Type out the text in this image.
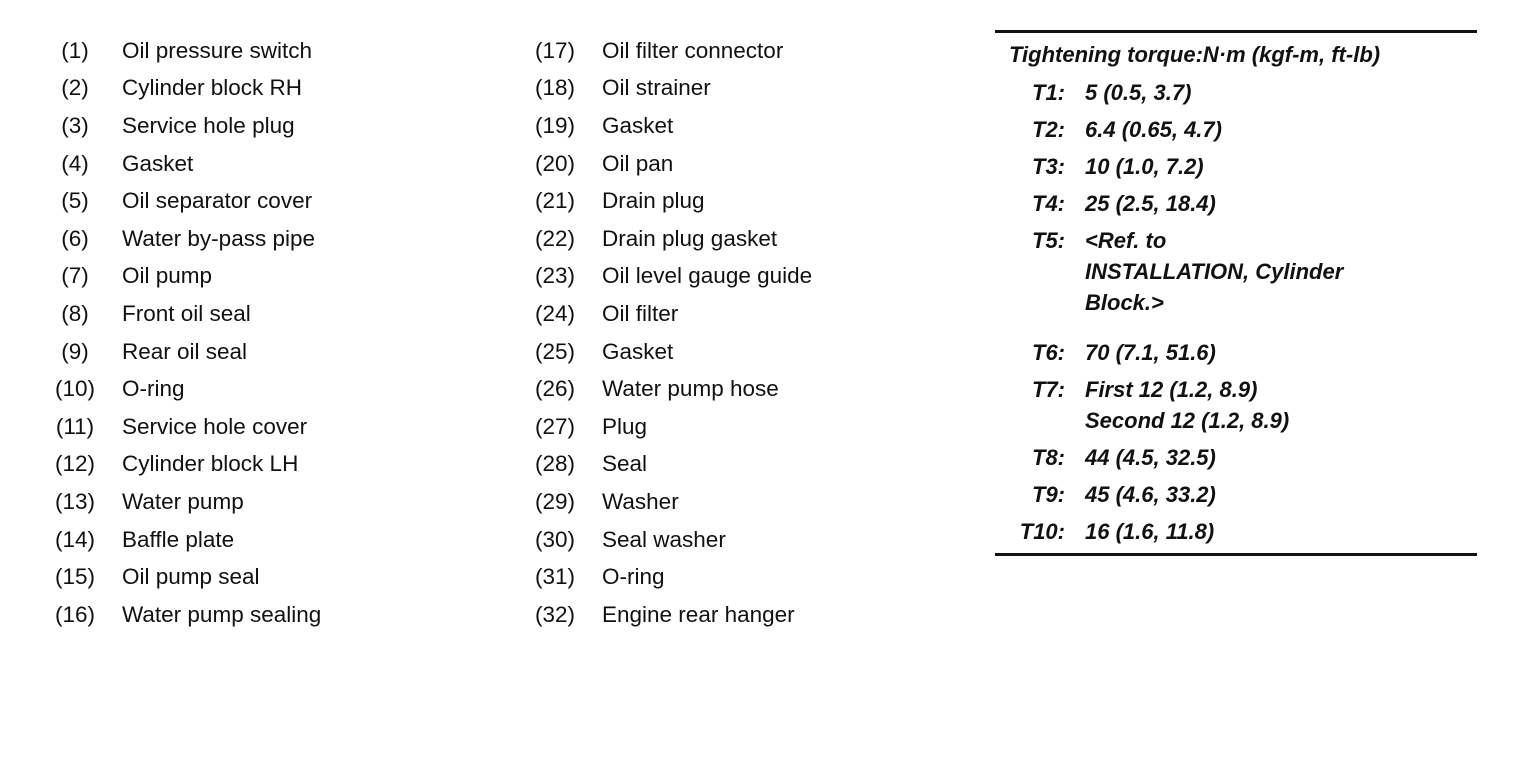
(1)	Oil pressure switch
(2)	Cylinder block RH
(3)	Service hole plug
(4)	Gasket
(5)	Oil separator cover
(6)	Water by-pass pipe
(7)	Oil pump
(8)	Front oil seal
(9)	Rear oil seal
(10) O-ring
(11) Service hole cover
(12) Cylinder block LH
(13) Water pump
(14) Baffle plate
(15) Oil pump seal
(16) Water pump sealing
(17) Oil filter connector
(18) Oil strainer
(19) Gasket
(20) Oil pan
(21) Drain plug
(22) Drain plug gasket
(23) Oil level gauge guide
(24) Oil filter
(25) Gasket
(26) Water pump hose
(27) Plug
(28) Seal
(29) Washer
(30) Seal washer
(31) O-ring
(32) Engine rear hanger
Tightening torque:N·m (kgf-m, ft-lb)
T1: 5 (0.5, 3.7)
T2: 6.4 (0.65, 4.7)
T3: 10 (1.0, 7.2)
T4: 25 (2.5, 18.4)
T5: <Ref. to
INSTALLATION, Cylinder
Block.>
T6: 70 (7.1, 51.6)
T7: First 12 (1.2, 8.9)
Second 12 (1.2, 8.9)
T8: 44 (4.5, 32.5)
T9: 45 (4.6, 33.2)
T10: 16 (1.6, 11.8)
